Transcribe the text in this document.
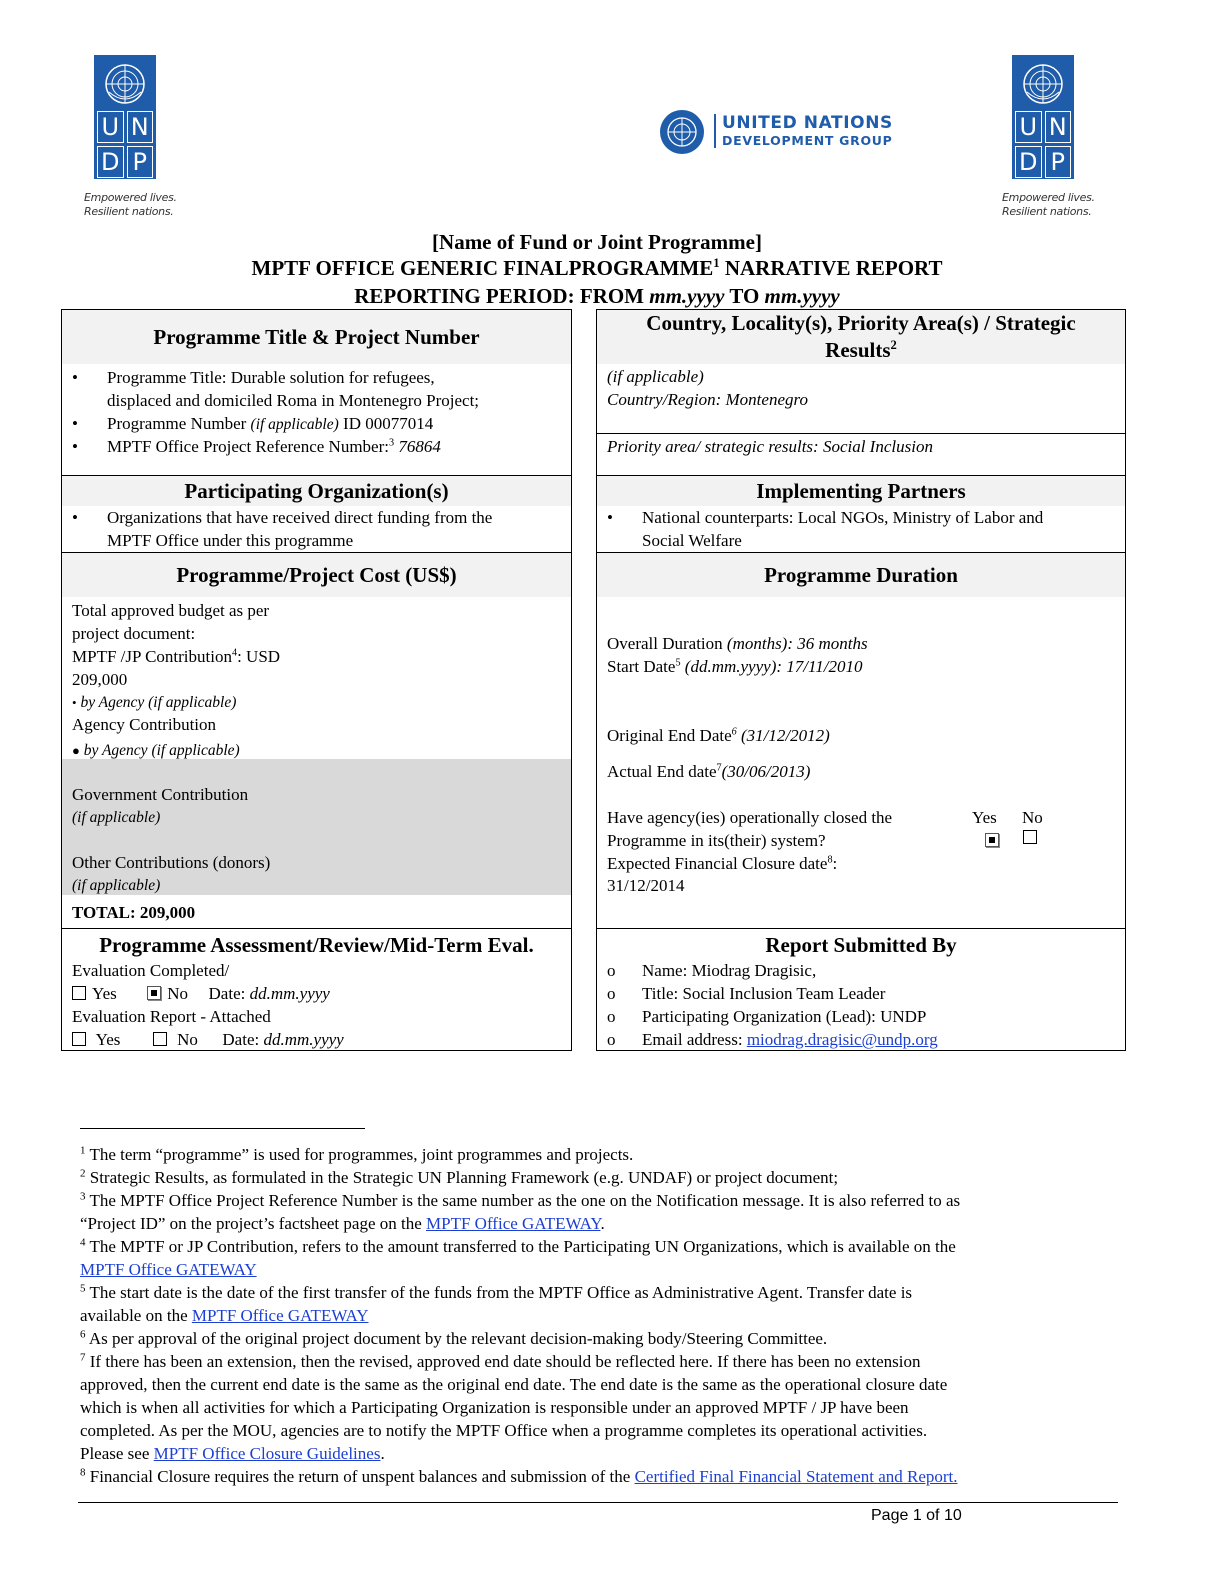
U N
D P
Empowered lives.
Resilient nations.
UNITED NATIONS
DEVELOPMENT GROUP	U N
D P
Empowered lives.
Resilient nations.
[Name of Fund or Joint Programme]
MPTF OFFICE GENERIC FINALPROGRAMME$^1$ NARRATIVE REPORT
REPORTING PERIOD: FROM mm.yyyy TO mm.yyyy
Programme Title & Project Number
• Programme Title: Durable solution for refugees,
displaced and domiciled Roma in Montenegro Project;
• Programme Number (if applicable) ID 00077014
• MPTF Office Project Reference Number:$^3$ 76864
Participating Organization(s)
• Organizations that have received direct funding from the
MPTF Office under this programme
Programme/Project Cost (US$)
Total approved budget as per
project document:
MPTF /JP Contribution$^4$: USD
209,000
• by Agency (if applicable)
Agency Contribution
● by Agency (if applicable)
Government Contribution
(if applicable)
Other Contributions (donors)
(if applicable)
TOTAL: 209,000
Programme Assessment/Review/Mid-Term Eval.
Evaluation Completed/
Yes	No Date: dd.mm.yyyy
Evaluation Report - Attached
Yes	No Date: dd.mm.yyyy
Country, Locality(s), Priority Area(s) / Strategic
Results$^2$
(if applicable)
Country/Region: Montenegro
Priority area/ strategic results: Social Inclusion
Implementing Partners
• National counterparts: Local NGOs, Ministry of Labor and
Social Welfare
Programme Duration
Overall Duration (months): 36 months
Start Date$^5$ (dd.mm.yyyy): 17/11/2010
Original End Date$^6$ (31/12/2012)
Actual End date$^7$(30/06/2013)
Have agency(ies) operationally closed the
Programme in its(their) system?
Yes No
Expected Financial Closure date$^8$:
31/12/2014
Report Submitted By
o Name: Miodrag Dragisic,
o Title: Social Inclusion Team Leader
o Participating Organization (Lead): UNDP
o Email address: miodrag.dragisic@undp.org
$^1$ The term “programme” is used for programmes, joint programmes and projects.
$^2$ Strategic Results, as formulated in the Strategic UN Planning Framework (e.g. UNDAF) or project document;
$^3$ The MPTF Office Project Reference Number is the same number as the one on the Notification message. It is also referred to as
“Project ID” on the project’s factsheet page on the MPTF Office GATEWAY.
$^4$ The MPTF or JP Contribution, refers to the amount transferred to the Participating UN Organizations, which is available on the
MPTF Office GATEWAY
$^5$ The start date is the date of the first transfer of the funds from the MPTF Office as Administrative Agent. Transfer date is
available on the MPTF Office GATEWAY
$^6$ As per approval of the original project document by the relevant decision-making body/Steering Committee.
$^7$ If there has been an extension, then the revised, approved end date should be reflected here. If there has been no extension
approved, then the current end date is the same as the original end date. The end date is the same as the operational closure date
which is when all activities for which a Participating Organization is responsible under an approved MPTF / JP have been
completed. As per the MOU, agencies are to notify the MPTF Office when a programme completes its operational activities.
Please see MPTF Office Closure Guidelines.
$^8$ Financial Closure requires the return of unspent balances and submission of the Certified Final Financial Statement and Report.
Page 1 of 10
